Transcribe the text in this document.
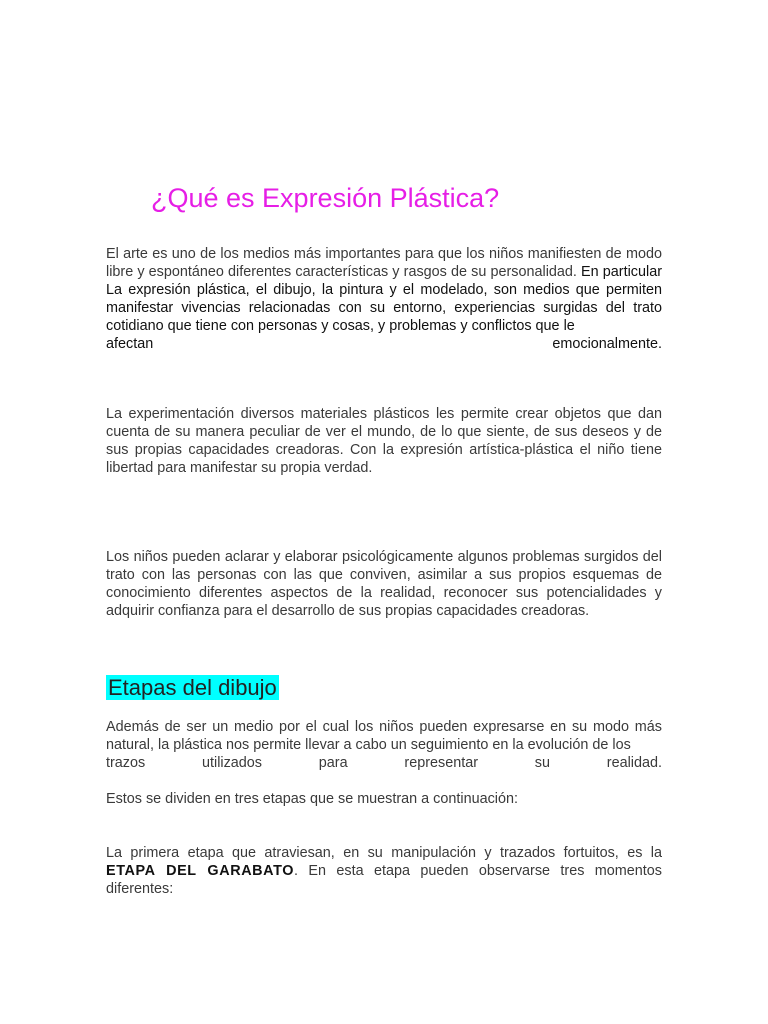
¿Qué es Expresión Plástica?
El arte es uno de los medios más importantes para que los niños manifiesten de modo libre y espontáneo diferentes características y rasgos de su personalidad. En particular La expresión plástica, el dibujo, la pintura y el modelado, son medios que permiten manifestar vivencias relacionadas con su entorno, experiencias surgidas del trato cotidiano que tiene con personas y cosas, y problemas y conflictos que le
afectan	emocionalmente.

La experimentación diversos materiales plásticos les permite crear objetos que dan cuenta de su manera peculiar de ver el mundo, de lo que siente, de sus deseos y de sus propias capacidades creadoras. Con la expresión artística-plástica el niño tiene libertad para manifestar su propia verdad.

Los niños pueden aclarar y elaborar psicológicamente algunos problemas surgidos del trato con las personas con las que conviven, asimilar a sus propios esquemas de conocimiento diferentes aspectos de la realidad, reconocer sus potencialidades y adquirir confianza para el desarrollo de sus propias capacidades creadoras.

Etapas del dibujo
Además de ser un medio por el cual los niños pueden expresarse en su modo más natural, la plástica nos permite llevar a cabo un seguimiento en la evolución de los
trazos	utilizados	para	representar	su	realidad.

Estos se dividen en tres etapas que se muestran a continuación:

La primera etapa que atraviesan, en su manipulación y trazados fortuitos, es la ETAPA DEL GARABATO. En esta etapa pueden observarse tres momentos diferentes:
